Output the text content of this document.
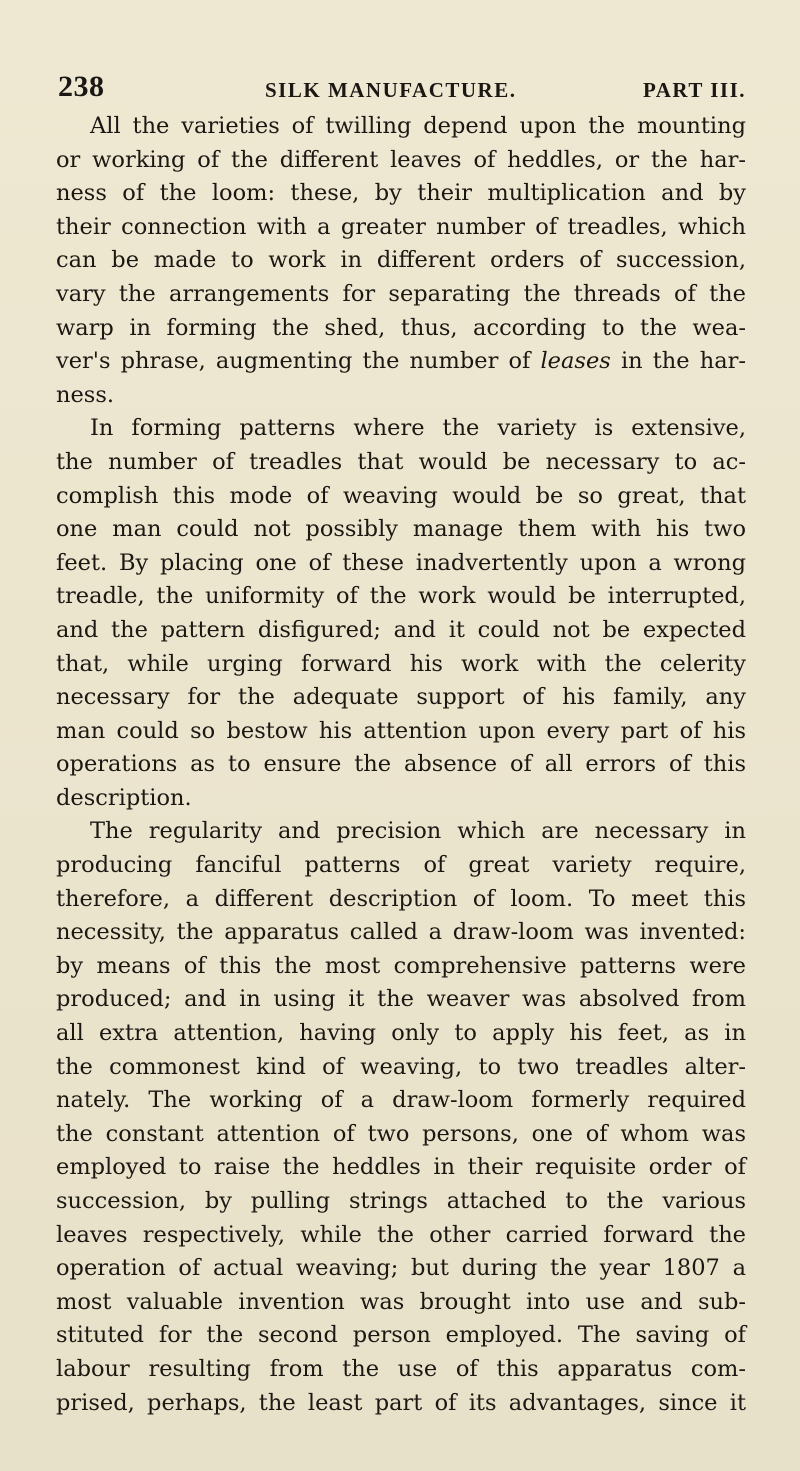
238	SILK MANUFACTURE.	PART III.
All the varieties of twilling depend upon the mounting
or working of the different leaves of heddles, or the har-
ness of the loom: these, by their multiplication and by
their connection with a greater number of treadles, which
can be made to work in different orders of succession,
vary the arrangements for separating the threads of the
warp in forming the shed, thus, according to the wea-
ver's phrase, augmenting the number of leases in the har-
ness.
In forming patterns where the variety is extensive,
the number of treadles that would be necessary to ac-
complish this mode of weaving would be so great, that
one man could not possibly manage them with his two
feet. By placing one of these inadvertently upon a wrong
treadle, the uniformity of the work would be interrupted,
and the pattern disfigured; and it could not be expected
that, while urging forward his work with the celerity
necessary for the adequate support of his family, any
man could so bestow his attention upon every part of his
operations as to ensure the absence of all errors of this
description.
The regularity and precision which are necessary in
producing fanciful patterns of great variety require,
therefore, a different description of loom. To meet this
necessity, the apparatus called a draw-loom was invented:
by means of this the most comprehensive patterns were
produced; and in using it the weaver was absolved from
all extra attention, having only to apply his feet, as in
the commonest kind of weaving, to two treadles alter-
nately. The working of a draw-loom formerly required
the constant attention of two persons, one of whom was
employed to raise the heddles in their requisite order of
succession, by pulling strings attached to the various
leaves respectively, while the other carried forward the
operation of actual weaving; but during the year 1807 a
most valuable invention was brought into use and sub-
stituted for the second person employed. The saving of
labour resulting from the use of this apparatus com-
prised, perhaps, the least part of its advantages, since it
